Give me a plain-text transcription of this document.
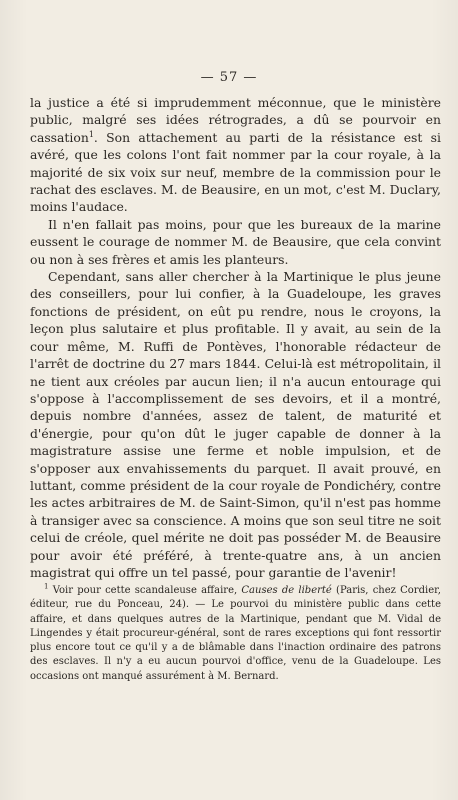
— 57 —

la justice a été si imprudemment méconnue, que le ministère public, malgré ses idées rétrogrades, a dû se pourvoir en cassation$^1$. Son attachement au parti de la résistance est si avéré, que les colons l'ont fait nommer par la cour royale, à la majorité de six voix sur neuf, membre de la commission pour le rachat des esclaves. M. de Beausire, en un mot, c'est M. Duclary, moins l'audace.

Il n'en fallait pas moins, pour que les bureaux de la marine eussent le courage de nommer M. de Beausire, que cela convint ou non à ses frères et amis les planteurs.

Cependant, sans aller chercher à la Martinique le plus jeune des conseillers, pour lui confier, à la Guadeloupe, les graves fonctions de président, on eût pu rendre, nous le croyons, la leçon plus salutaire et plus profitable. Il y avait, au sein de la cour même, M. Ruffi de Pontèves, l'honorable rédacteur de l'arrêt de doctrine du 27 mars 1844. Celui-là est métropolitain, il ne tient aux créoles par aucun lien; il n'a aucun entourage qui s'oppose à l'accomplissement de ses devoirs, et il a montré, depuis nombre d'années, assez de talent, de maturité et d'énergie, pour qu'on dût le juger capable de donner à la magistrature assise une ferme et noble impulsion, et de s'opposer aux envahissements du parquet. Il avait prouvé, en luttant, comme président de la cour royale de Pondichéry, contre les actes arbitraires de M. de Saint-Simon, qu'il n'est pas homme à transiger avec sa conscience. A moins que son seul titre ne soit celui de créole, quel mérite ne doit pas posséder M. de Beausire pour avoir été préféré, à trente-quatre ans, à un ancien magistrat qui offre un tel passé, pour garantie de l'avenir!

$^1$ Voir pour cette scandaleuse affaire, Causes de liberté (Paris, chez Cordier, éditeur, rue du Ponceau, 24). — Le pourvoi du ministère public dans cette affaire, et dans quelques autres de la Martinique, pendant que M. Vidal de Lingendes y était procureur-général, sont de rares exceptions qui font ressortir plus encore tout ce qu'il y a de blâmable dans l'inaction ordinaire des patrons des esclaves. Il n'y a eu aucun pourvoi d'office, venu de la Guadeloupe. Les occasions ont manqué assurément à M. Bernard.
